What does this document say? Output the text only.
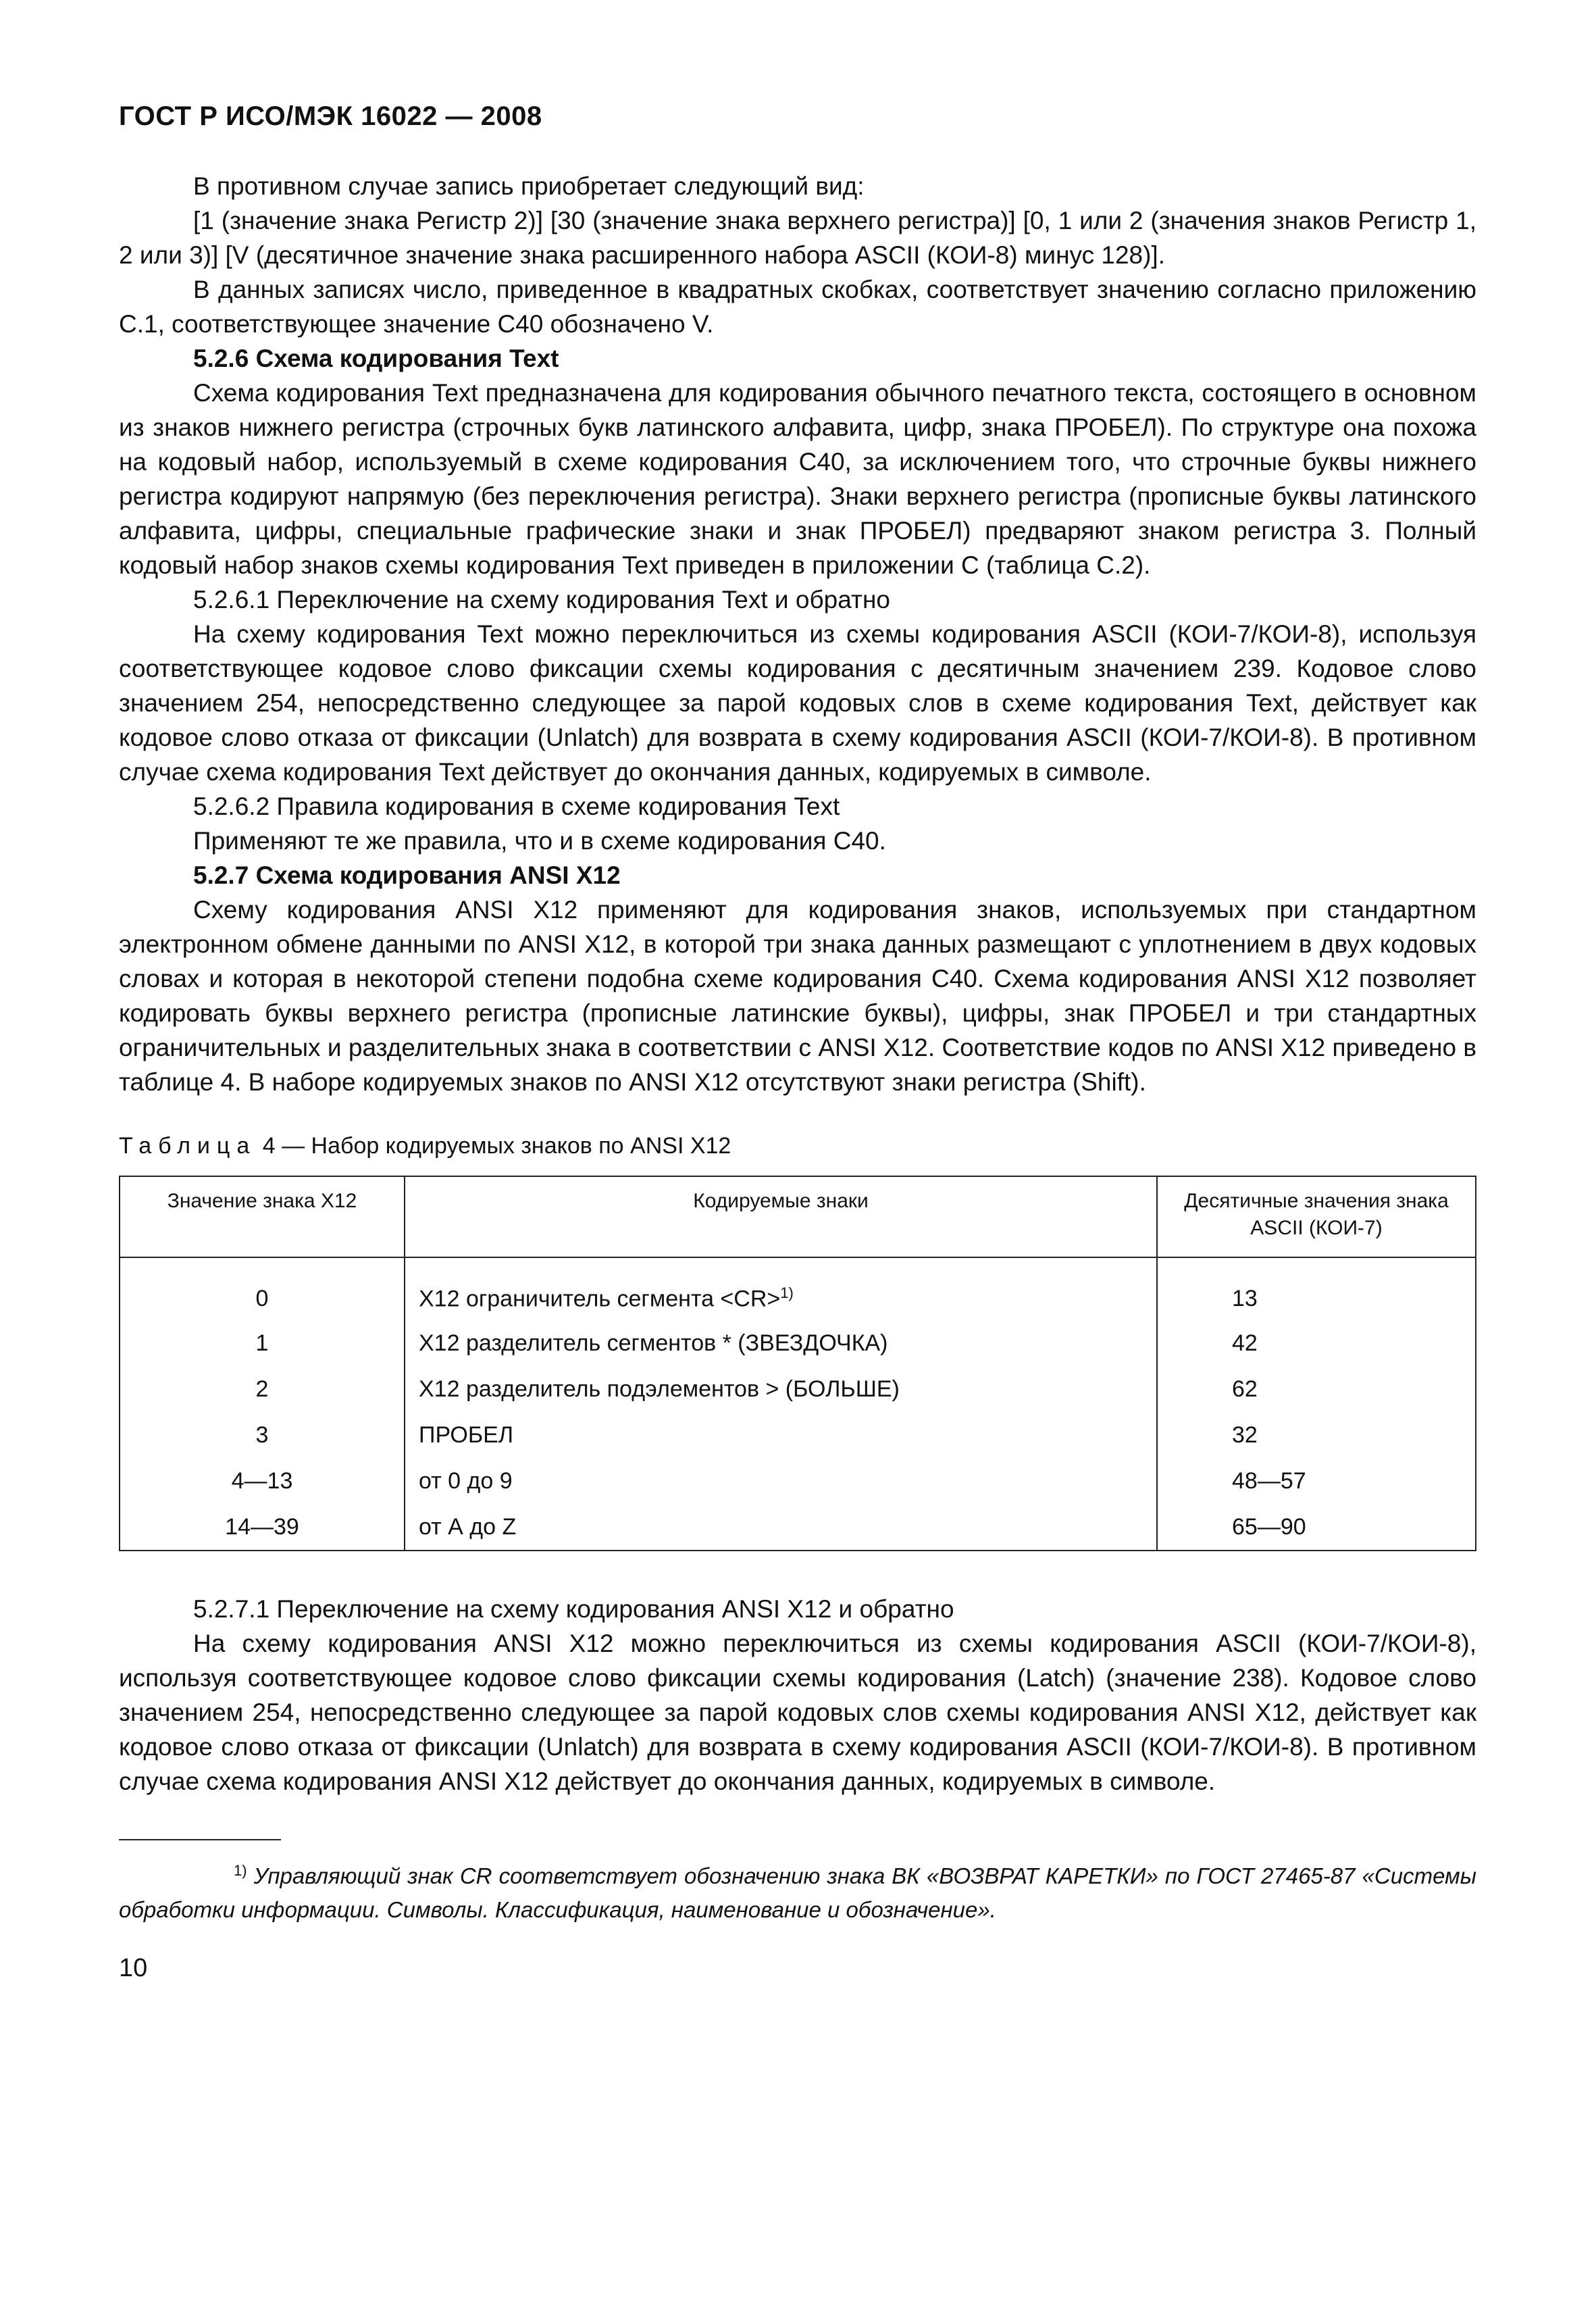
ГОСТ Р ИСО/МЭК 16022 — 2008

В противном случае запись приобретает следующий вид:

[1 (значение знака Регистр 2)] [30 (значение знака верхнего регистра)] [0, 1 или 2 (значения знаков Регистр 1, 2 или 3)] [V (десятичное значение знака расширенного набора ASCII (КОИ-8) минус 128)].

В данных записях число, приведенное в квадратных скобках, соответствует значению согласно приложению С.1, соответствующее значение С40 обозначено V.

5.2.6 Схема кодирования Text

Схема кодирования Text предназначена для кодирования обычного печатного текста, состоящего в основном из знаков нижнего регистра (строчных букв латинского алфавита, цифр, знака ПРОБЕЛ). По структуре она похожа на кодовый набор, используемый в схеме кодирования С40, за исключением того, что строчные буквы нижнего регистра кодируют напрямую (без переключения регистра). Знаки верхнего регистра (прописные буквы латинского алфавита, цифры, специальные графические знаки и знак ПРОБЕЛ) предваряют знаком регистра 3. Полный кодовый набор знаков схемы кодирования Text приведен в приложении С (таблица С.2).

5.2.6.1 Переключение на схему кодирования Text и обратно

На схему кодирования Text можно переключиться из схемы кодирования ASCII (КОИ-7/КОИ-8), используя соответствующее кодовое слово фиксации схемы кодирования с десятичным значением 239. Кодовое слово значением 254, непосредственно следующее за парой кодовых слов в схеме кодирования Text, действует как кодовое слово отказа от фиксации (Unlatch) для возврата в схему кодирования ASCII (КОИ-7/КОИ-8). В противном случае схема кодирования Text действует до окончания данных, кодируемых в символе.

5.2.6.2 Правила кодирования в схеме кодирования Text

Применяют те же правила, что и в схеме кодирования С40.

5.2.7 Схема кодирования ANSI X12

Схему кодирования ANSI X12 применяют для кодирования знаков, используемых при стандартном электронном обмене данными по ANSI X12, в которой три знака данных размещают с уплотнением в двух кодовых словах и которая в некоторой степени подобна схеме кодирования С40. Схема кодирования ANSI X12 позволяет кодировать буквы верхнего регистра (прописные латинские буквы), цифры, знак ПРОБЕЛ и три стандартных ограничительных и разделительных знака в соответствии с ANSI X12. Соответствие кодов по ANSI X12 приведено в таблице 4. В наборе кодируемых знаков по ANSI X12 отсутствуют знаки регистра (Shift).

Таблица 4 — Набор кодируемых знаков по ANSI X12
Значение знака X12	Кодируемые знаки	Десятичные значения знака ASCII (КОИ-7)
0	X12 ограничитель сегмента <CR>$^{1)}$	13
1	X12 разделитель сегментов * (ЗВЕЗДОЧКА)	42
2	X12 разделитель подэлементов > (БОЛЬШЕ)	62
3	ПРОБЕЛ	32
4—13	от 0 до 9	48—57
14—39	от А до Z	65—90

5.2.7.1 Переключение на схему кодирования ANSI X12 и обратно

На схему кодирования ANSI X12 можно переключиться из схемы кодирования ASCII (КОИ-7/КОИ-8), используя соответствующее кодовое слово фиксации схемы кодирования (Latch) (значение 238). Кодовое слово значением 254, непосредственно следующее за парой кодовых слов схемы кодирования ANSI X12, действует как кодовое слово отказа от фиксации (Unlatch) для возврата в схему кодирования ASCII (КОИ-7/КОИ-8). В противном случае схема кодирования ANSI X12 действует до окончания данных, кодируемых в символе.

$^{1)}$ Управляющий знак CR соответствует обозначению знака ВК «ВОЗВРАТ КАРЕТКИ» по ГОСТ 27465-87 «Системы обработки информации. Символы. Классификация, наименование и обозначение».

10
